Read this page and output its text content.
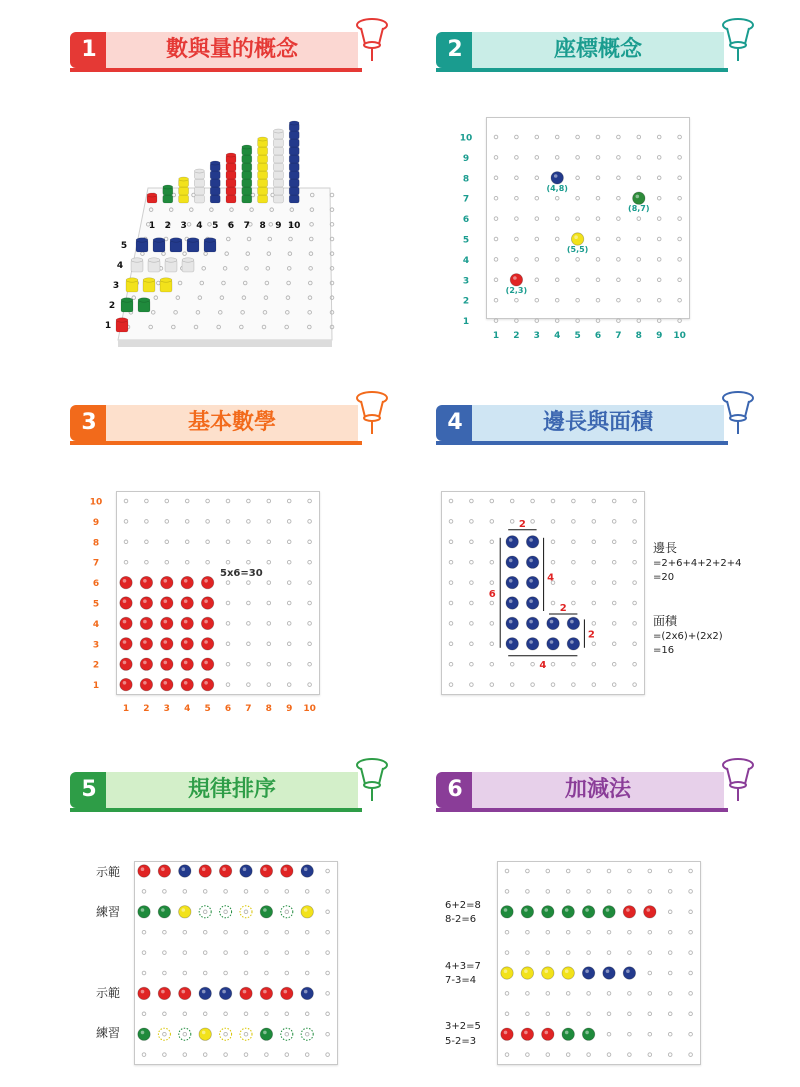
1	數與量的概念	2	座標概念
3	基本數學	4	邊長與面積
5	規律排序	6	加減法
1 2 3 4 5 6 7 8 9 10
5
4
3
2
1	1
1
2
2
3
3
4
4
5
5
6
6
7
7
8
8
9
9
10
10
(4,8)
(8,7)
(5,5)
(2,3)
1
1
2
2
3
3
4
4
5
5
6
6
7
7
8
8
9
9
10
10
5x6=30
2
6
4
2
2
4
邊長
=2+6+4+2+2+4
=20
面積
=(2x6)+(2x2)
=16
示範
練習
示範
練習
6+2=8
8-2=6
4+3=7
7-3=4
3+2=5
5-2=3
